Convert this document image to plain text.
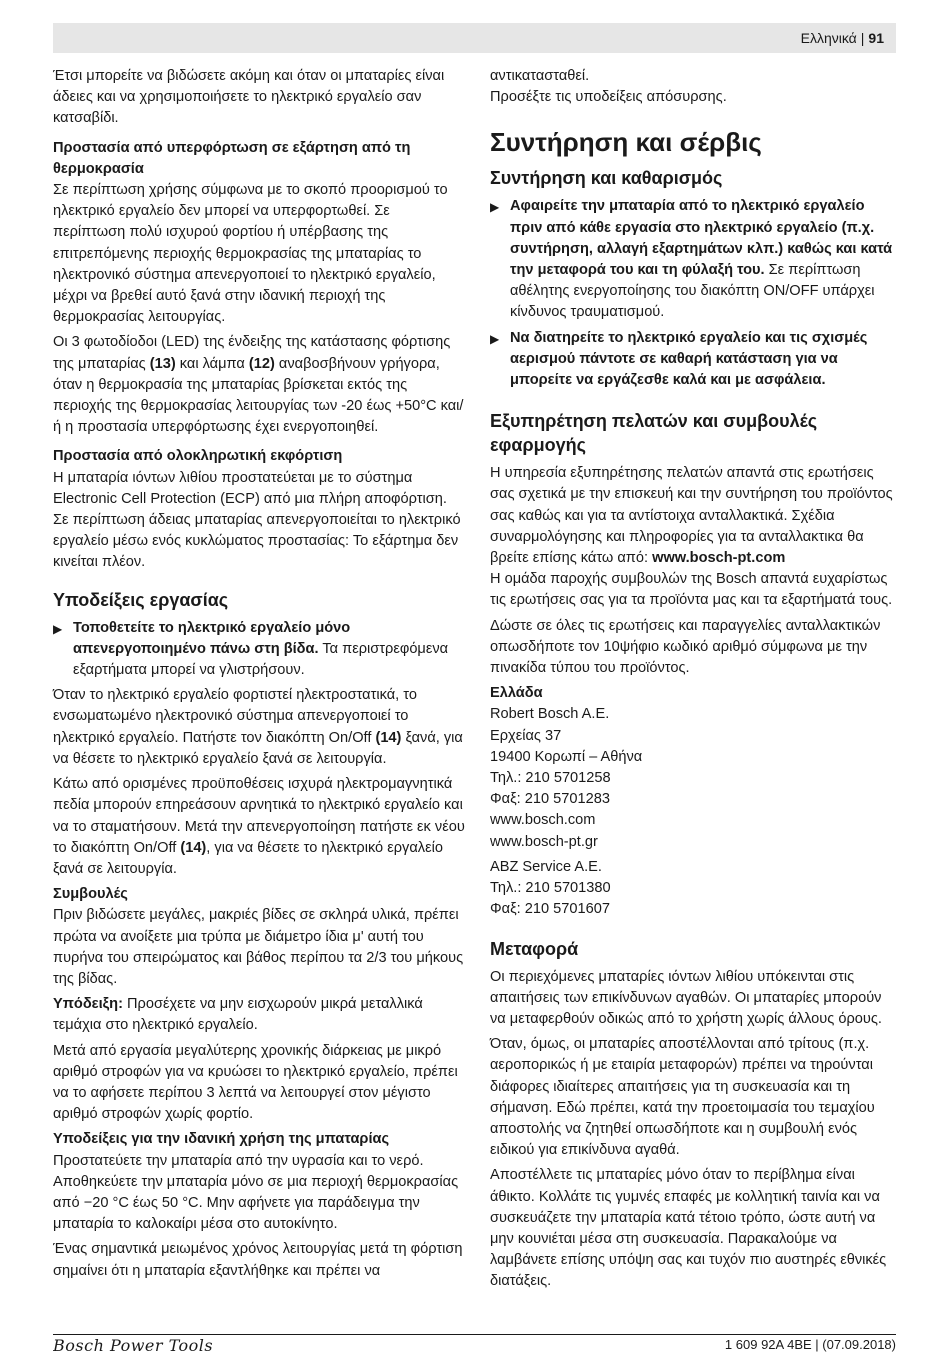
Ελληνικά | 91

Έτσι μπορείτε να βιδώσετε ακόμη και όταν οι μπαταρίες είναι άδειες και να χρησιμοποιήσετε το ηλεκτρικό εργαλείο σαν κατσαβίδι.

Προστασία από υπερφόρτωση σε εξάρτηση από τη θερμοκρασία

Σε περίπτωση χρήσης σύμφωνα με το σκοπό προορισμού το ηλεκτρικό εργαλείο δεν μπορεί να υπερφορτωθεί. Σε περίπτωση πολύ ισχυρού φορτίου ή υπέρβασης της επιτρεπόμενης περιοχής θερμοκρασίας της μπαταρίας το ηλεκτρονικό σύστημα απενεργοποιεί το ηλεκτρικό εργαλείο, μέχρι να βρεθεί αυτό ξανά στην ιδανική περιοχή της θερμοκρασίας λειτουργίας.

Οι 3 φωτοδίοδοι (LED) της ένδειξης της κατάστασης φόρτισης της μπαταρίας (13) και λάμπα (12) αναβοσβήνουν γρήγορα, όταν η θερμοκρασία της μπαταρίας βρίσκεται εκτός της περιοχής της θερμοκρασίας λειτουργίας των -20 έως +50°C και/ή η προστασία υπερφόρτωσης έχει ενεργοποιηθεί.

Προστασία από ολοκληρωτική εκφόρτιση

Η μπαταρία ιόντων λιθίου προστατεύεται με το σύστημα Electronic Cell Protection (ECP) από μια πλήρη αποφόρτιση. Σε περίπτωση άδειας μπαταρίας απενεργοποιείται το ηλεκτρικό εργαλείο μέσω ενός κυκλώματος προστασίας: Το εξάρτημα δεν κινείται πλέον.

Υποδείξεις εργασίας
▶ Τοποθετείτε το ηλεκτρικό εργαλείο μόνο απενεργοποιημένο πάνω στη βίδα. Τα περιστρεφόμενα εξαρτήματα μπορεί να γλιστρήσουν.

Όταν το ηλεκτρικό εργαλείο φορτιστεί ηλεκτροστατικά, το ενσωματωμένο ηλεκτρονικό σύστημα απενεργοποιεί το ηλεκτρικό εργαλείο. Πατήστε τον διακόπτη On/Off (14) ξανά, για να θέσετε το ηλεκτρικό εργαλείο ξανά σε λειτουργία.

Κάτω από ορισμένες προϋποθέσεις ισχυρά ηλεκτρομαγνητικά πεδία μπορούν επηρεάσουν αρνητικά το ηλεκτρικό εργαλείο και να το σταματήσουν. Μετά την απενεργοποίηση πατήστε εκ νέου το διακόπτη On/Off (14), για να θέσετε το ηλεκτρικό εργαλείο ξανά σε λειτουργία.

Συμβουλές

Πριν βιδώσετε μεγάλες, μακριές βίδες σε σκληρά υλικά, πρέπει πρώτα να ανοίξετε μια τρύπα με διάμετρο ίδια μ' αυτή του πυρήνα του σπειρώματος και βάθος περίπου τα 2/3 του μήκους της βίδας.

Υπόδειξη: Προσέχετε να μην εισχωρούν μικρά μεταλλικά τεμάχια στο ηλεκτρικό εργαλείο.

Μετά από εργασία μεγαλύτερης χρονικής διάρκειας με μικρό αριθμό στροφών για να κρυώσει το ηλεκτρικό εργαλείο, πρέπει να το αφήσετε περίπου 3 λεπτά να λειτουργεί στον μέγιστο αριθμό στροφών χωρίς φορτίο.

Υποδείξεις για την ιδανική χρήση της μπαταρίας

Προστατεύετε την μπαταρία από την υγρασία και το νερό. Αποθηκεύετε την μπαταρία μόνο σε μια περιοχή θερμοκρασίας από −20 °C έως 50 °C. Μην αφήνετε για παράδειγμα την μπαταρία το καλοκαίρι μέσα στο αυτοκίνητο.

Ένας σημαντικά μειωμένος χρόνος λειτουργίας μετά τη φόρτιση σημαίνει ότι η μπαταρία εξαντλήθηκε και πρέπει να

αντικατασταθεί.

Προσέξτε τις υποδείξεις απόσυρσης.

Συντήρηση και σέρβις
Συντήρηση και καθαρισμός
▶ Αφαιρείτε την μπαταρία από το ηλεκτρικό εργαλείο πριν από κάθε εργασία στο ηλεκτρικό εργαλείο (π.χ. συντήρηση, αλλαγή εξαρτημάτων κλπ.) καθώς και κατά την μεταφορά του και τη φύλαξή του. Σε περίπτωση αθέλητης ενεργοποίησης του διακόπτη ON/OFF υπάρχει κίνδυνος τραυματισμού.
▶ Να διατηρείτε το ηλεκτρικό εργαλείο και τις σχισμές αερισμού πάντοτε σε καθαρή κατάσταση για να μπορείτε να εργάζεσθε καλά και με ασφάλεια.
Εξυπηρέτηση πελατών και συμβουλές εφαρμογής

Η υπηρεσία εξυπηρέτησης πελατών απαντά στις ερωτήσεις σας σχετικά με την επισκευή και την συντήρηση του προϊόντος σας καθώς και για τα αντίστοιχα ανταλλακτικά. Σχέδια συναρμολόγησης και πληροφορίες για τα ανταλλακτικα θα βρείτε επίσης κάτω από: www.bosch-pt.com

Η ομάδα παροχής συμβουλών της Bosch απαντά ευχαρίστως τις ερωτήσεις σας για τα προϊόντα μας και τα εξαρτήματά τους.

Δώστε σε όλες τις ερωτήσεις και παραγγελίες ανταλλακτικών οπωσδήποτε τον 10ψήφιο κωδικό αριθμό σύμφωνα με την πινακίδα τύπου του προϊόντος.

Ελλάδα

Robert Bosch A.E.

Ερχείας 37

19400 Κορωπί – Αθήνα

Τηλ.: 210 5701258

Φαξ: 210 5701283

www.bosch.com

www.bosch-pt.gr

ABZ Service A.E.

Τηλ.: 210 5701380

Φαξ: 210 5701607

Μεταφορά

Οι περιεχόμενες μπαταρίες ιόντων λιθίου υπόκεινται στις απαιτήσεις των επικίνδυνων αγαθών. Οι μπαταρίες μπορούν να μεταφερθούν οδικώς από το χρήστη χωρίς άλλους όρους.

Όταν, όμως, οι μπαταρίες αποστέλλονται από τρίτους (π.χ. αεροπορικώς ή με εταιρία μεταφορών) πρέπει να τηρούνται διάφορες ιδιαίτερες απαιτήσεις για τη συσκευασία και τη σήμανση. Εδώ πρέπει, κατά την προετοιμασία του τεμαχίου αποστολής να ζητηθεί οπωσδήποτε και η συμβουλή ενός ειδικού για επικίνδυνα αγαθά.

Αποστέλλετε τις μπαταρίες μόνο όταν το περίβλημα είναι άθικτο. Κολλάτε τις γυμνές επαφές με κολλητική ταινία και να συσκευάζετε την μπαταρία κατά τέτοιο τρόπο, ώστε αυτή να μην κουνιέται μέσα στη συσκευασία. Παρακαλούμε να λαμβάνετε επίσης υπόψη σας και τυχόν πιο αυστηρές εθνικές διατάξεις.

Bosch Power Tools	1 609 92A 4BE | (07.09.2018)
